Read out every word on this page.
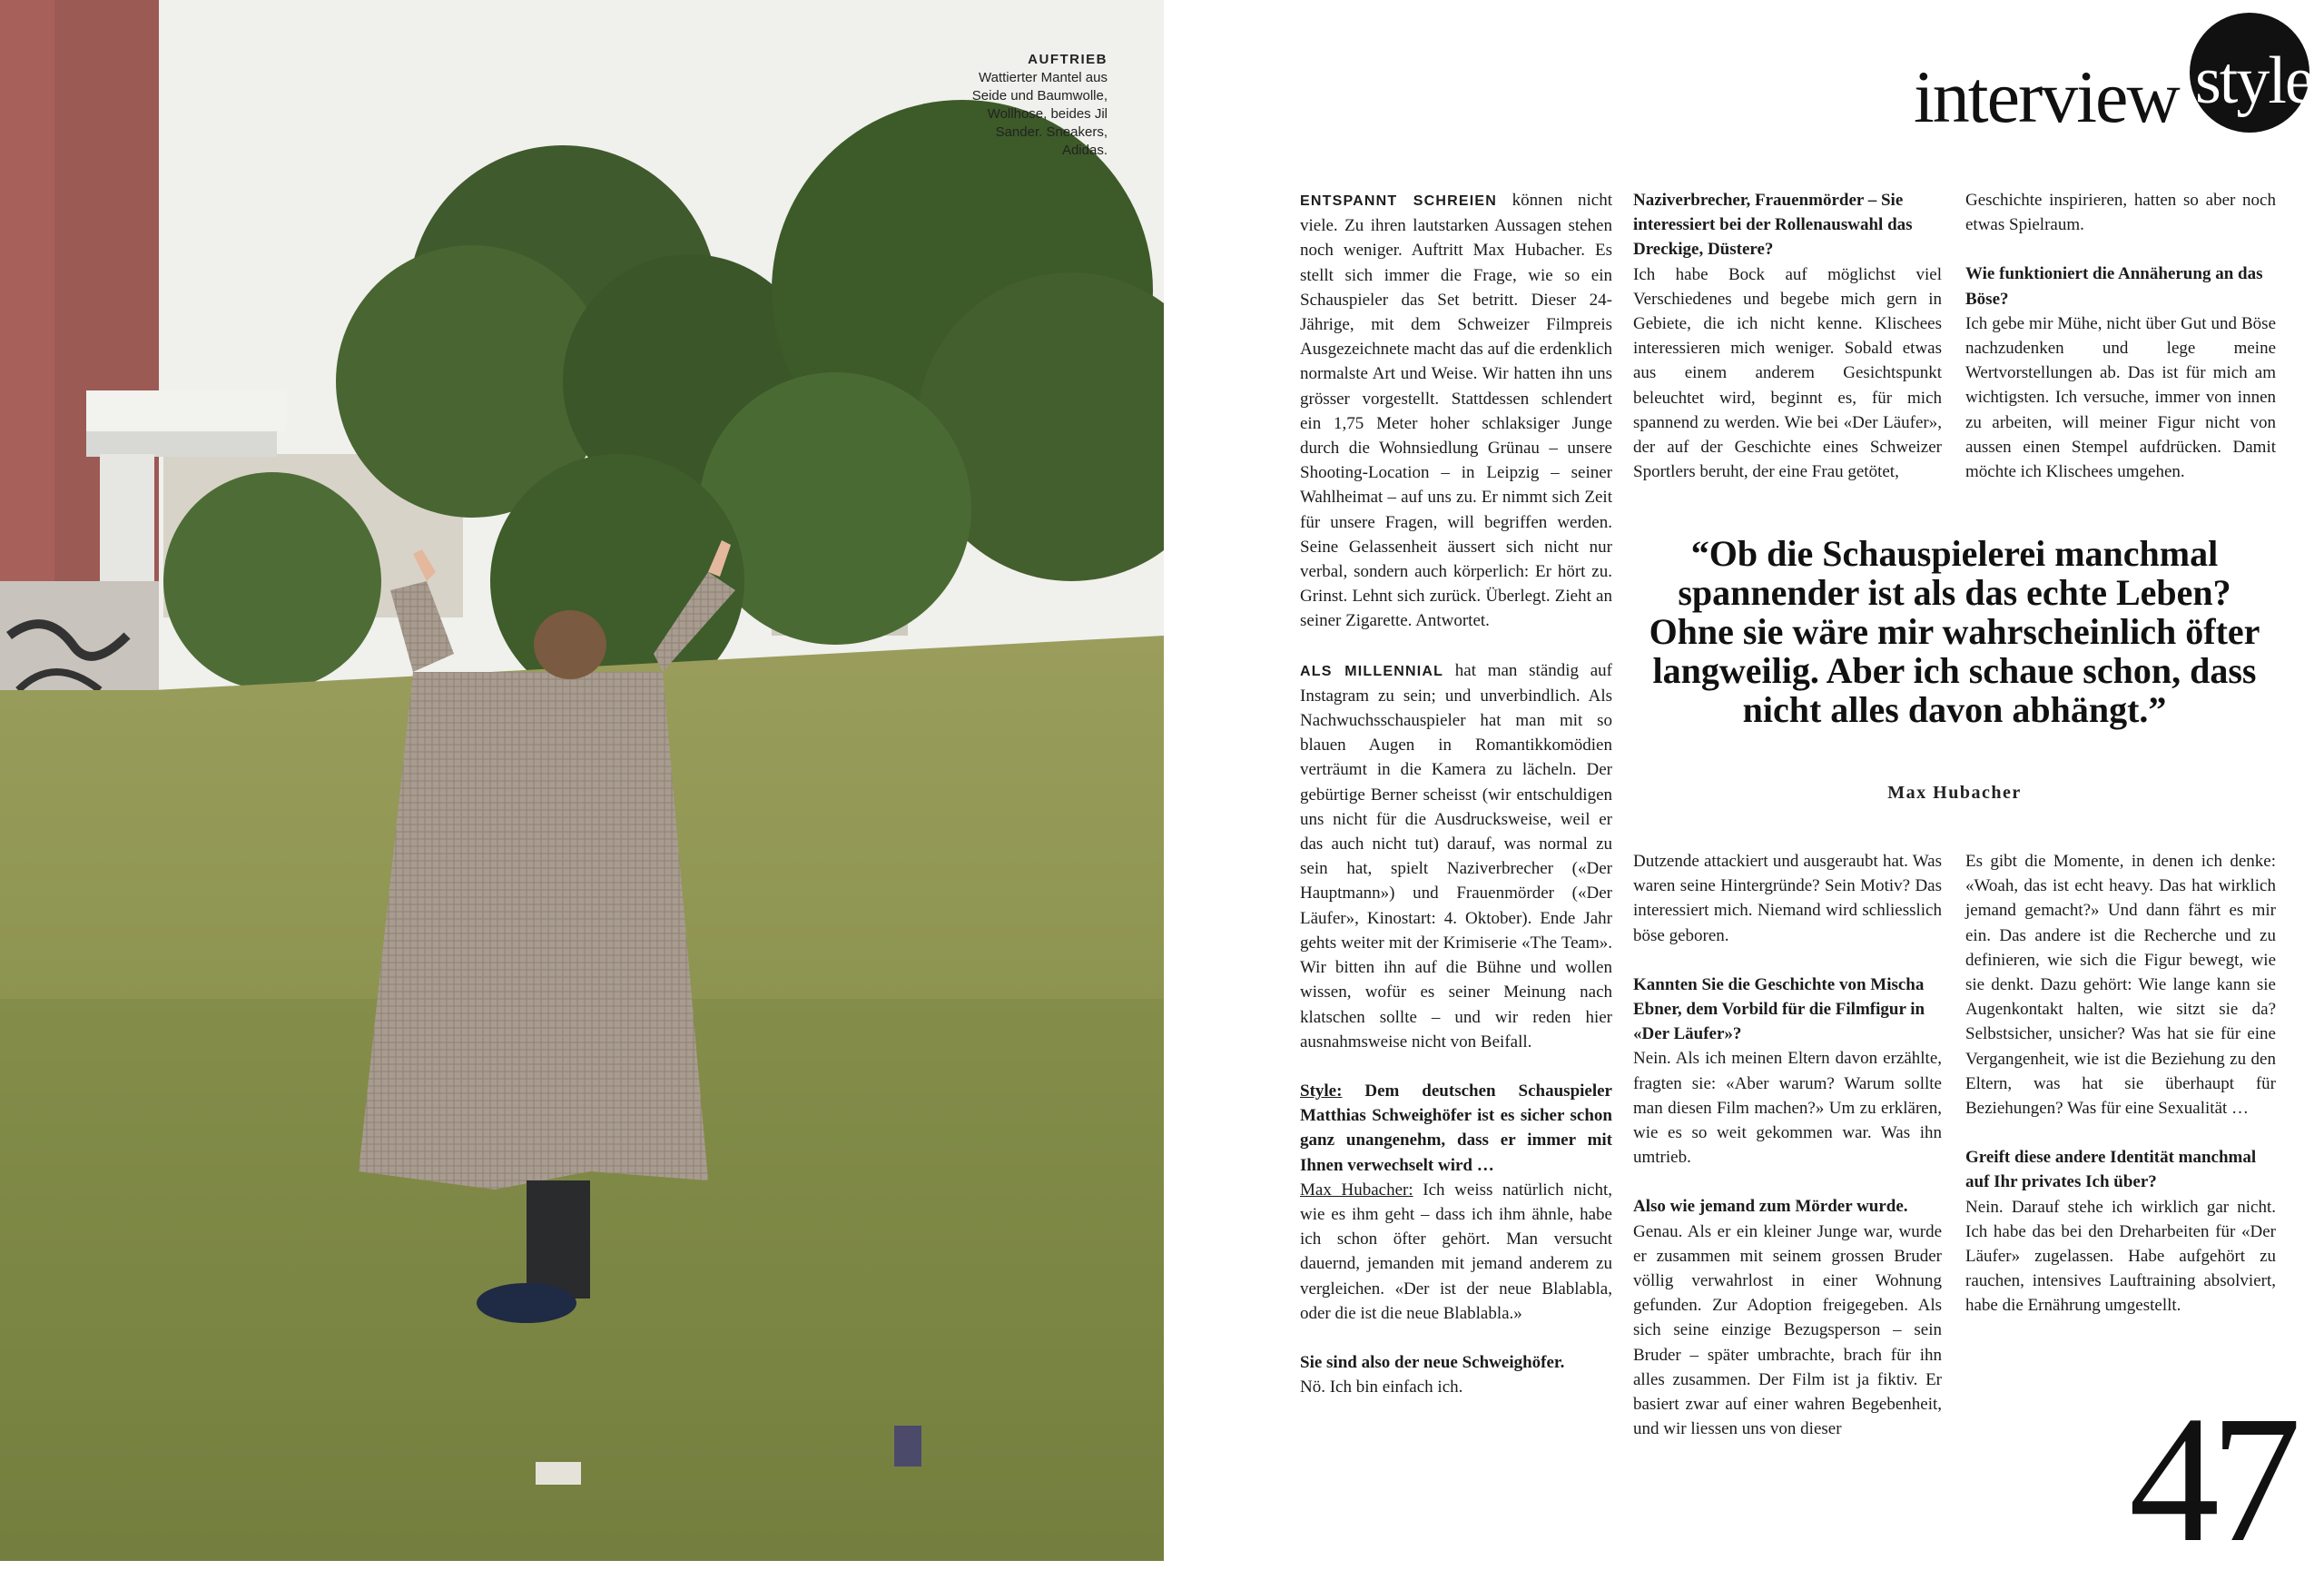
AUFTRIEB
Wattierter Mantel aus Seide und Baumwolle, Wollhose, beides Jil Sander. Sneakers, Adidas.
style
interview

ENTSPANNT SCHREIEN können nicht viele. Zu ihren lautstarken Aussagen stehen noch weniger. Auftritt Max Hubacher. Es stellt sich immer die Frage, wie so ein Schauspieler das Set betritt. Dieser 24-Jährige, mit dem Schweizer Filmpreis Ausgezeichnete macht das auf die erdenklich normalste Art und Weise. Wir hatten ihn uns grösser vorgestellt. Stattdessen schlendert ein 1,75 Meter hoher schlaksiger Junge durch die Wohnsiedlung Grünau – unsere Shooting-Location – in Leipzig – seiner Wahlheimat – auf uns zu. Er nimmt sich Zeit für unsere Fragen, will begriffen werden. Seine Gelassenheit äussert sich nicht nur verbal, sondern auch körperlich: Er hört zu. Grinst. Lehnt sich zurück. Überlegt. Zieht an seiner Zigarette. Antwortet.

ALS MILLENNIAL hat man ständig auf Instagram zu sein; und unverbindlich. Als Nachwuchsschauspieler hat man mit so blauen Augen in Romantikkomödien verträumt in die Kamera zu lächeln. Der gebürtige Berner scheisst (wir entschuldigen uns nicht für die Ausdrucksweise, weil er das auch nicht tut) darauf, was normal zu sein hat, spielt Naziverbrecher («Der Hauptmann») und Frauenmörder («Der Läufer», Kinostart: 4. Oktober). Ende Jahr gehts weiter mit der Krimiserie «The Team». Wir bitten ihn auf die Bühne und wollen wissen, wofür es seiner Meinung nach klatschen sollte – und wir reden hier ausnahmsweise nicht von Beifall.

Style: Dem deutschen Schauspieler Matthias Schweighöfer ist es sicher schon ganz unangenehm, dass er immer mit Ihnen verwechselt wird …
Max Hubacher: Ich weiss natürlich nicht, wie es ihm geht – dass ich ihm ähnle, habe ich schon öfter gehört. Man versucht dauernd, jemanden mit jemand anderem zu vergleichen. «Der ist der neue Blablabla, oder die ist die neue Blablabla.»

Sie sind also der neue Schweighöfer.
Nö. Ich bin einfach ich.

Naziverbrecher, Frauenmörder – Sie interessiert bei der Rollenauswahl das Dreckige, Düstere?
Ich habe Bock auf möglichst viel Verschiedenes und begebe mich gern in Gebiete, die ich nicht kenne. Klischees interessieren mich weniger. Sobald etwas aus einem anderem Gesichtspunkt beleuchtet wird, beginnt es, für mich spannend zu werden. Wie bei «Der Läufer», der auf der Geschichte eines Schweizer Sportlers beruht, der eine Frau getötet,

Geschichte inspirieren, hatten so aber noch etwas Spielraum.

Wie funktioniert die Annäherung an das Böse?
Ich gebe mir Mühe, nicht über Gut und Böse nachzudenken und lege meine Wertvorstellungen ab. Das ist für mich am wichtigsten. Ich versuche, immer von innen zu arbeiten, will meiner Figur nicht von aussen einen Stempel aufdrücken. Damit möchte ich Klischees umgehen.

“Ob die Schauspielerei manchmal spannender ist als das echte Leben? Ohne sie wäre mir wahrscheinlich öfter langweilig. Aber ich schaue schon, dass nicht alles davon abhängt.”
Max Hubacher

Dutzende attackiert und ausgeraubt hat. Was waren seine Hintergründe? Sein Motiv? Das interessiert mich. Niemand wird schliesslich böse geboren.

Kannten Sie die Geschichte von Mischa Ebner, dem Vorbild für die Filmfigur in «Der Läufer»?
Nein. Als ich meinen Eltern davon erzählte, fragten sie: «Aber warum? Warum sollte man diesen Film machen?» Um zu erklären, wie es so weit gekommen war. Was ihn umtrieb.

Also wie jemand zum Mörder wurde.
Genau. Als er ein kleiner Junge war, wurde er zusammen mit seinem grossen Bruder völlig verwahrlost in einer Wohnung gefunden. Zur Adoption freigegeben. Als sich seine einzige Bezugsperson – sein Bruder – später umbrachte, brach für ihn alles zusammen. Der Film ist ja fiktiv. Er basiert zwar auf einer wahren Begebenheit, und wir liessen uns von dieser

Es gibt die Momente, in denen ich denke: «Woah, das ist echt heavy. Das hat wirklich jemand gemacht?» Und dann fährt es mir ein. Das andere ist die Recherche und zu definieren, wie sich die Figur bewegt, wie sie denkt. Dazu gehört: Wie lange kann sie Augenkontakt halten, wie sitzt sie da? Selbstsicher, unsicher? Was hat sie für eine Vergangenheit, wie ist die Beziehung zu den Eltern, was hat sie überhaupt für Beziehungen? Was für eine Sexualität …

Greift diese andere Identität manchmal auf Ihr privates Ich über?
Nein. Darauf stehe ich wirklich gar nicht. Ich habe das bei den Dreharbeiten für «Der Läufer» zugelassen. Habe aufgehört zu rauchen, intensives Lauftraining absolviert, habe die Ernährung umgestellt.

47
